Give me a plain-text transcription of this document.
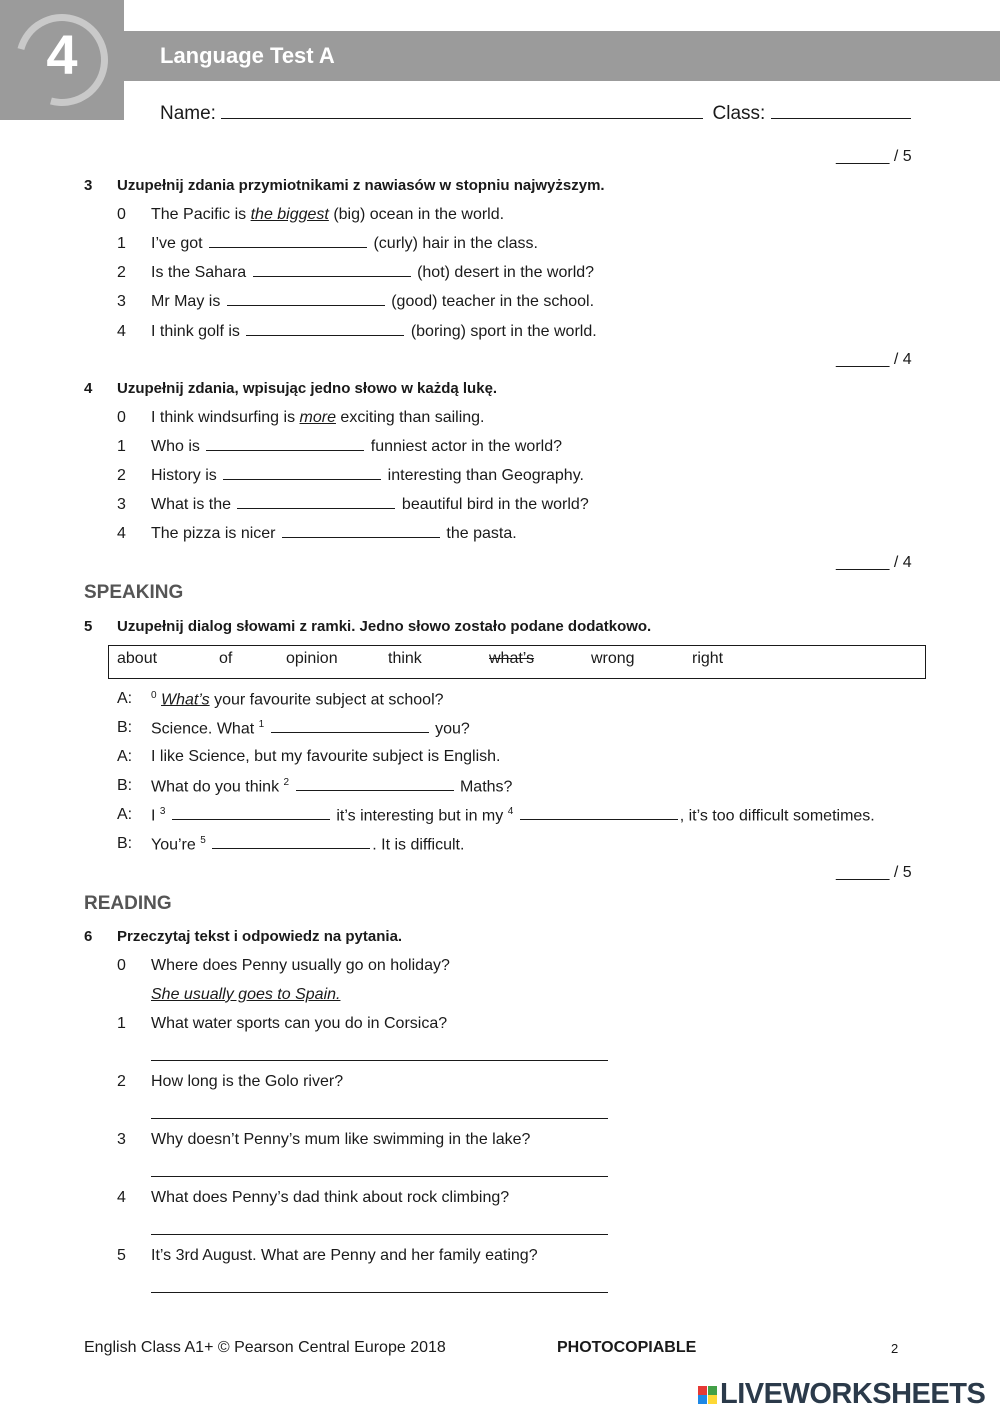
4	Language Test A
Name:	Class:
______ / 5
3 Uzupełnij zdania przymiotnikami z nawiasów w stopniu najwyższym.
0 The Pacific is the biggest (big) ocean in the world.
1 I’ve got	(curly) hair in the class.
2 Is the Sahara	(hot) desert in the world?
3 Mr May is	(good) teacher in the school.
4 I think golf is	(boring) sport in the world.
______ / 4
4 Uzupełnij zdania, wpisując jedno słowo w każdą lukę.
0 I think windsurfing is more exciting than sailing.
1 Who is	funniest actor in the world?
2 History is	interesting than Geography.
3 What is the	beautiful bird in the world?
4 The pizza is nicer	the pasta.
______ / 4
SPEAKING
5 Uzupełnij dialog słowami z ramki. Jedno słowo zostało podane dodatkowo.
about	of	opinion	think	what’s	wrong	right
A: $^0$ What’s your favourite subject at school?
B: Science. What $^1$	you?
A: I like Science, but my favourite subject is English.
B: What do you think $^2$	Maths?
A: I $^3$	it’s interesting but in my $^4$	, it’s too difficult sometimes.
B: You’re $^5$	. It is difficult.
______ / 5
READING
6 Przeczytaj tekst i odpowiedz na pytania.
0 Where does Penny usually go on holiday?
She usually goes to Spain.
1 What water sports can you do in Corsica?
2 How long is the Golo river?
3 Why doesn’t Penny’s mum like swimming in the lake?
4 What does Penny’s dad think about rock climbing?
5 It’s 3rd August. What are Penny and her family eating?
English Class A1+ © Pearson Central Europe 2018	PHOTOCOPIABLE	2

LIVEWORKSHEETS
